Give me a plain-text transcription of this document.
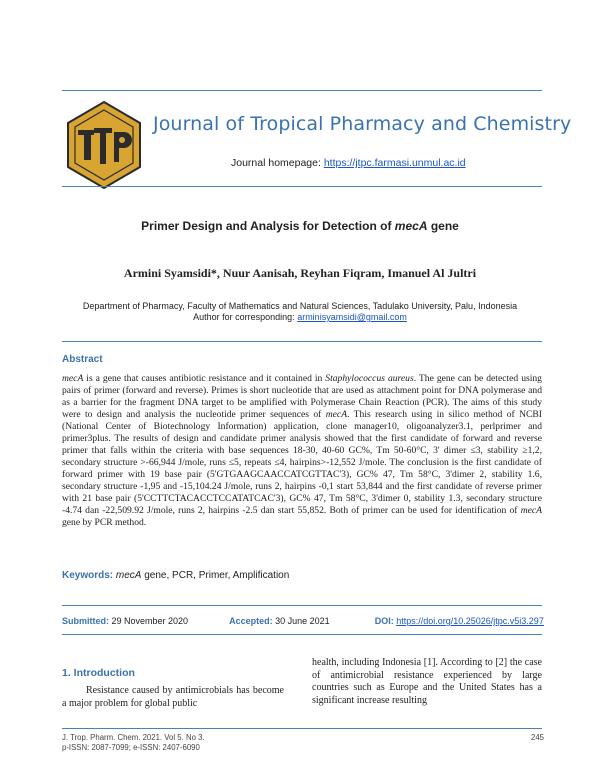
Journal of Tropical Pharmacy and Chemistry
Journal homepage: https://jtpc.farmasi.unmul.ac.id
Primer Design and Analysis for Detection of mecA gene
Armini Syamsidi*, Nuur Aanisah, Reyhan Fiqram, Imanuel Al Jultri
Department of Pharmacy, Faculty of Mathematics and Natural Sciences, Tadulako University, Palu, Indonesia
Author for corresponding: arminisyamsidi@gmail.com
Abstract
mecA is a gene that causes antibiotic resistance and it contained in Staphylococcus aureus. The gene can be detected using pairs of primer (forward and reverse). Primes is short nucleotide that are used as attachment point for DNA polymerase and as a barrier for the fragment DNA target to be amplified with Polymerase Chain Reaction (PCR). The aims of this study were to design and analysis the nucleotide primer sequences of mecA. This research using in silico method of NCBI (National Center of Biotechnology Information) application, clone manager10, oligoanalyzer3.1, perlprimer and primer3plus. The results of design and candidate primer analysis showed that the first candidate of forward and reverse primer that falls within the criteria with base sequences 18-30, 40-60 GC%, Tm 50-60°C, 3' dimer ≤3, stability ≥1,2, secondary structure >-66,944 J/mole, runs ≤5, repeats ≤4, hairpins>-12,552 J/mole. The conclusion is the first candidate of forward primer with 19 base pair (5'GTGAAGCAACCATCGTTAC'3), GC% 47, Tm 58°C, 3'dimer 2, stability 1.6, secondary structure -1,95 and -15,104.24 J/mole, runs 2, hairpins -0,1 start 53,844 and the first candidate of reverse primer with 21 base pair (5'CCTTCTACACCTCCATATCAC'3), GC% 47, Tm 58°C, 3'dimer 0, stability 1.3, secondary structure -4.74 dan -22,509.92 J/mole, runs 2, hairpins -2.5 dan start 55,852. Both of primer can be used for identification of mecA gene by PCR method.
Keywords: mecA gene, PCR, Primer, Amplification
Submitted: 29 November 2020	Accepted: 30 June 2021	DOI: https://doi.org/10.25026/jtpc.v5i3.297
1. Introduction
Resistance caused by antimicrobials has become a major problem for global public
health, including Indonesia [1]. According to [2] the case of antimicrobial resistance experienced by large countries such as Europe and the United States has a significant increase resulting
J. Trop. Pharm. Chem. 2021. Vol 5. No 3.
p-ISSN: 2087-7099; e-ISSN: 2407-6090
245
